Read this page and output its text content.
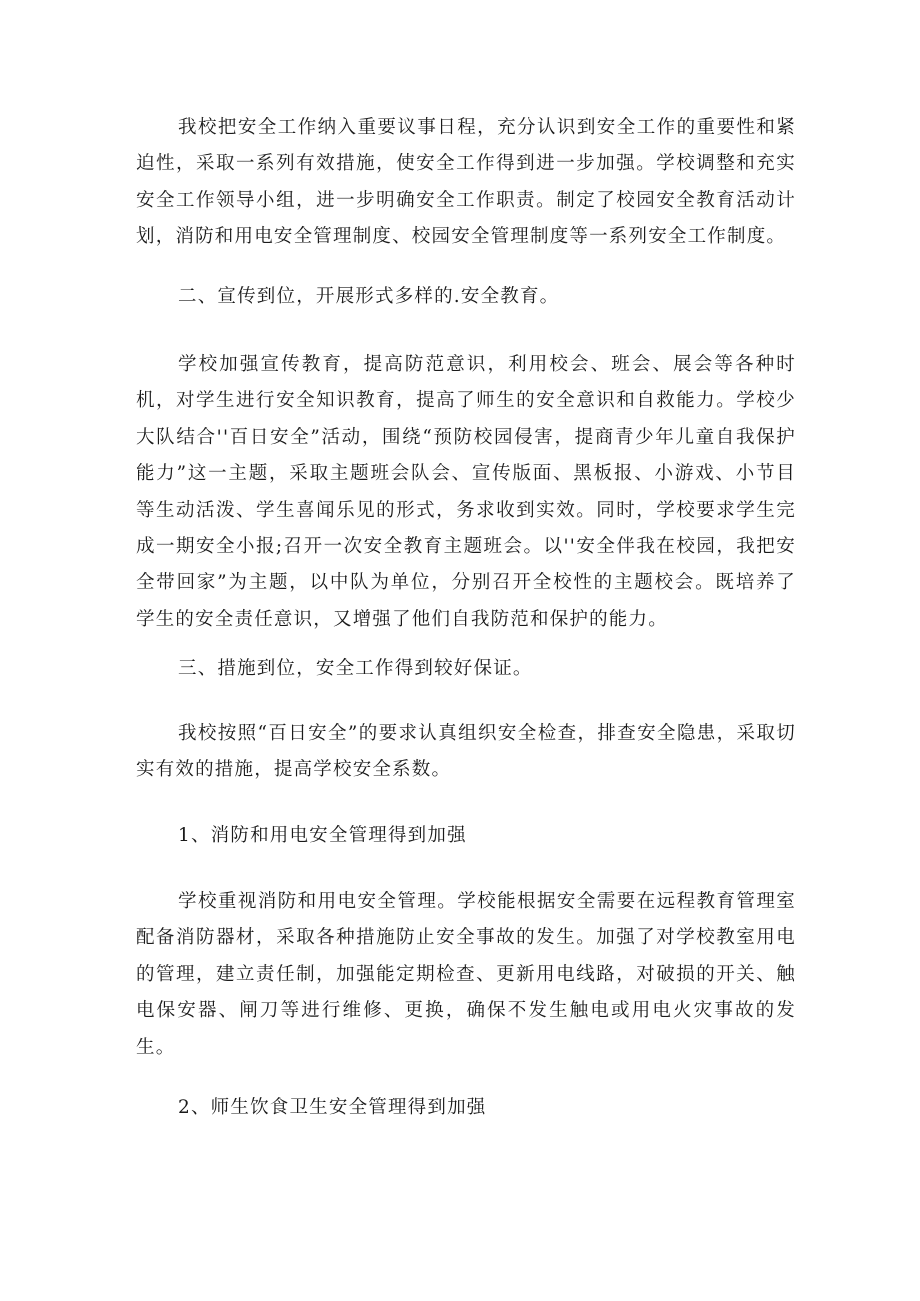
我校把安全工作纳入重要议事日程，充分认识到安全工作的重要性和紧迫性，采取一系列有效措施，使安全工作得到进一步加强。学校调整和充实安全工作领导小组，进一步明确安全工作职责。制定了校园安全教育活动计划，消防和用电安全管理制度、校园安全管理制度等一系列安全工作制度。

二、宣传到位，开展形式多样的.安全教育。

学校加强宣传教育，提高防范意识，利用校会、班会、展会等各种时机，对学生进行安全知识教育，提高了师生的安全意识和自救能力。学校少大队结合''百日安全”活动，围绕“预防校园侵害，提商青少年儿童自我保护能力”这一主题，采取主题班会队会、宣传版面、黑板报、小游戏、小节目等生动活泼、学生喜闻乐见的形式，务求收到实效。同时，学校要求学生完成一期安全小报;召开一次安全教育主题班会。以''安全伴我在校园，我把安全带回家”为主题，以中队为单位，分别召开全校性的主题校会。既培养了学生的安全责任意识，又增强了他们自我防范和保护的能力。

三、措施到位，安全工作得到较好保证。

我校按照“百日安全”的要求认真组织安全检查，排查安全隐患，采取切实有效的措施，提高学校安全系数。

1、消防和用电安全管理得到加强

学校重视消防和用电安全管理。学校能根据安全需要在远程教育管理室配备消防器材，采取各种措施防止安全事故的发生。加强了对学校教室用电的管理，建立责任制，加强能定期检查、更新用电线路，对破损的开关、触电保安器、闸刀等进行维修、更换，确保不发生触电或用电火灾事故的发生。

2、师生饮食卫生安全管理得到加强
